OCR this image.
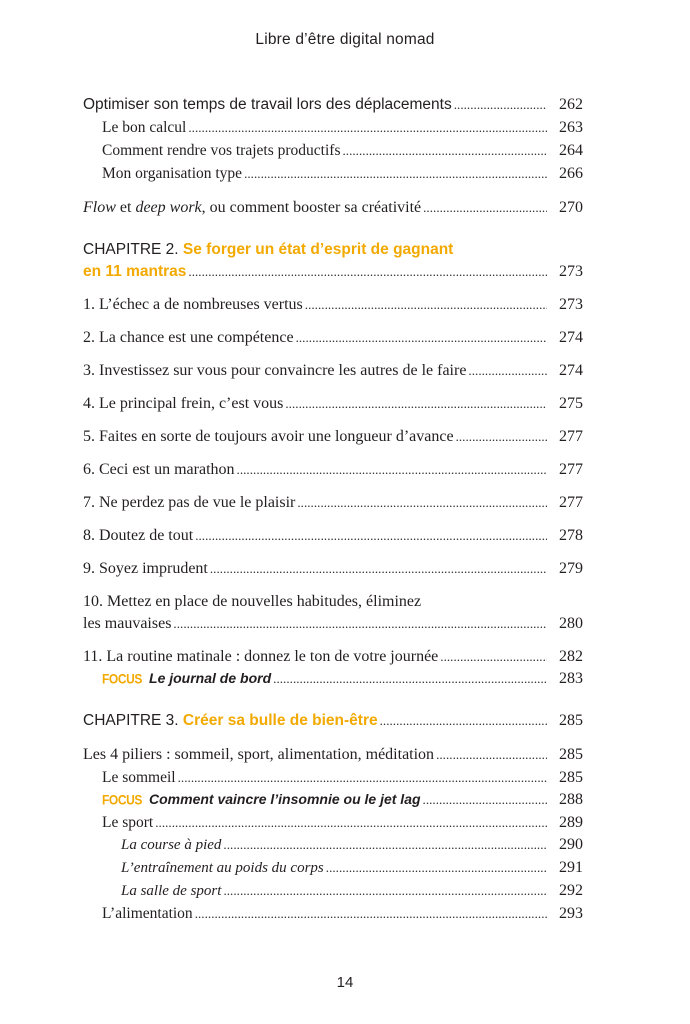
Libre d’être digital nomad
Optimiser son temps de travail lors des déplacements . . .	262
Le bon calcul . . .	263
Comment rendre vos trajets productifs . . .	264
Mon organisation type . . .	266
Flow et deep work, ou comment booster sa créativité . . .	270
CHAPITRE 2. Se forger un état d’esprit de gagnant
en 11 mantras . . .	273
1. L’échec a de nombreuses vertus . . .	273
2. La chance est une compétence . . .	274
3. Investissez sur vous pour convaincre les autres de le faire . . .	274
4. Le principal frein, c’est vous . . .	275
5. Faites en sorte de toujours avoir une longueur d’avance . . .	277
6. Ceci est un marathon . . .	277
7. Ne perdez pas de vue le plaisir . . .	277
8. Doutez de tout . . .	278
9. Soyez imprudent . . .	279
10. Mettez en place de nouvelles habitudes, éliminez
les mauvaises . . .	280
11. La routine matinale : donnez le ton de votre journée . . .	282
FOCUS Le journal de bord . . .	283
CHAPITRE 3. Créer sa bulle de bien-être . . .	285
Les 4 piliers : sommeil, sport, alimentation, méditation . . .	285
Le sommeil . . .	285
FOCUS Comment vaincre l’insomnie ou le jet lag . . .	288
Le sport . . .	289
La course à pied . . .	290
L’entraînement au poids du corps . . .	291
La salle de sport . . .	292
L’alimentation . . .	293
14
